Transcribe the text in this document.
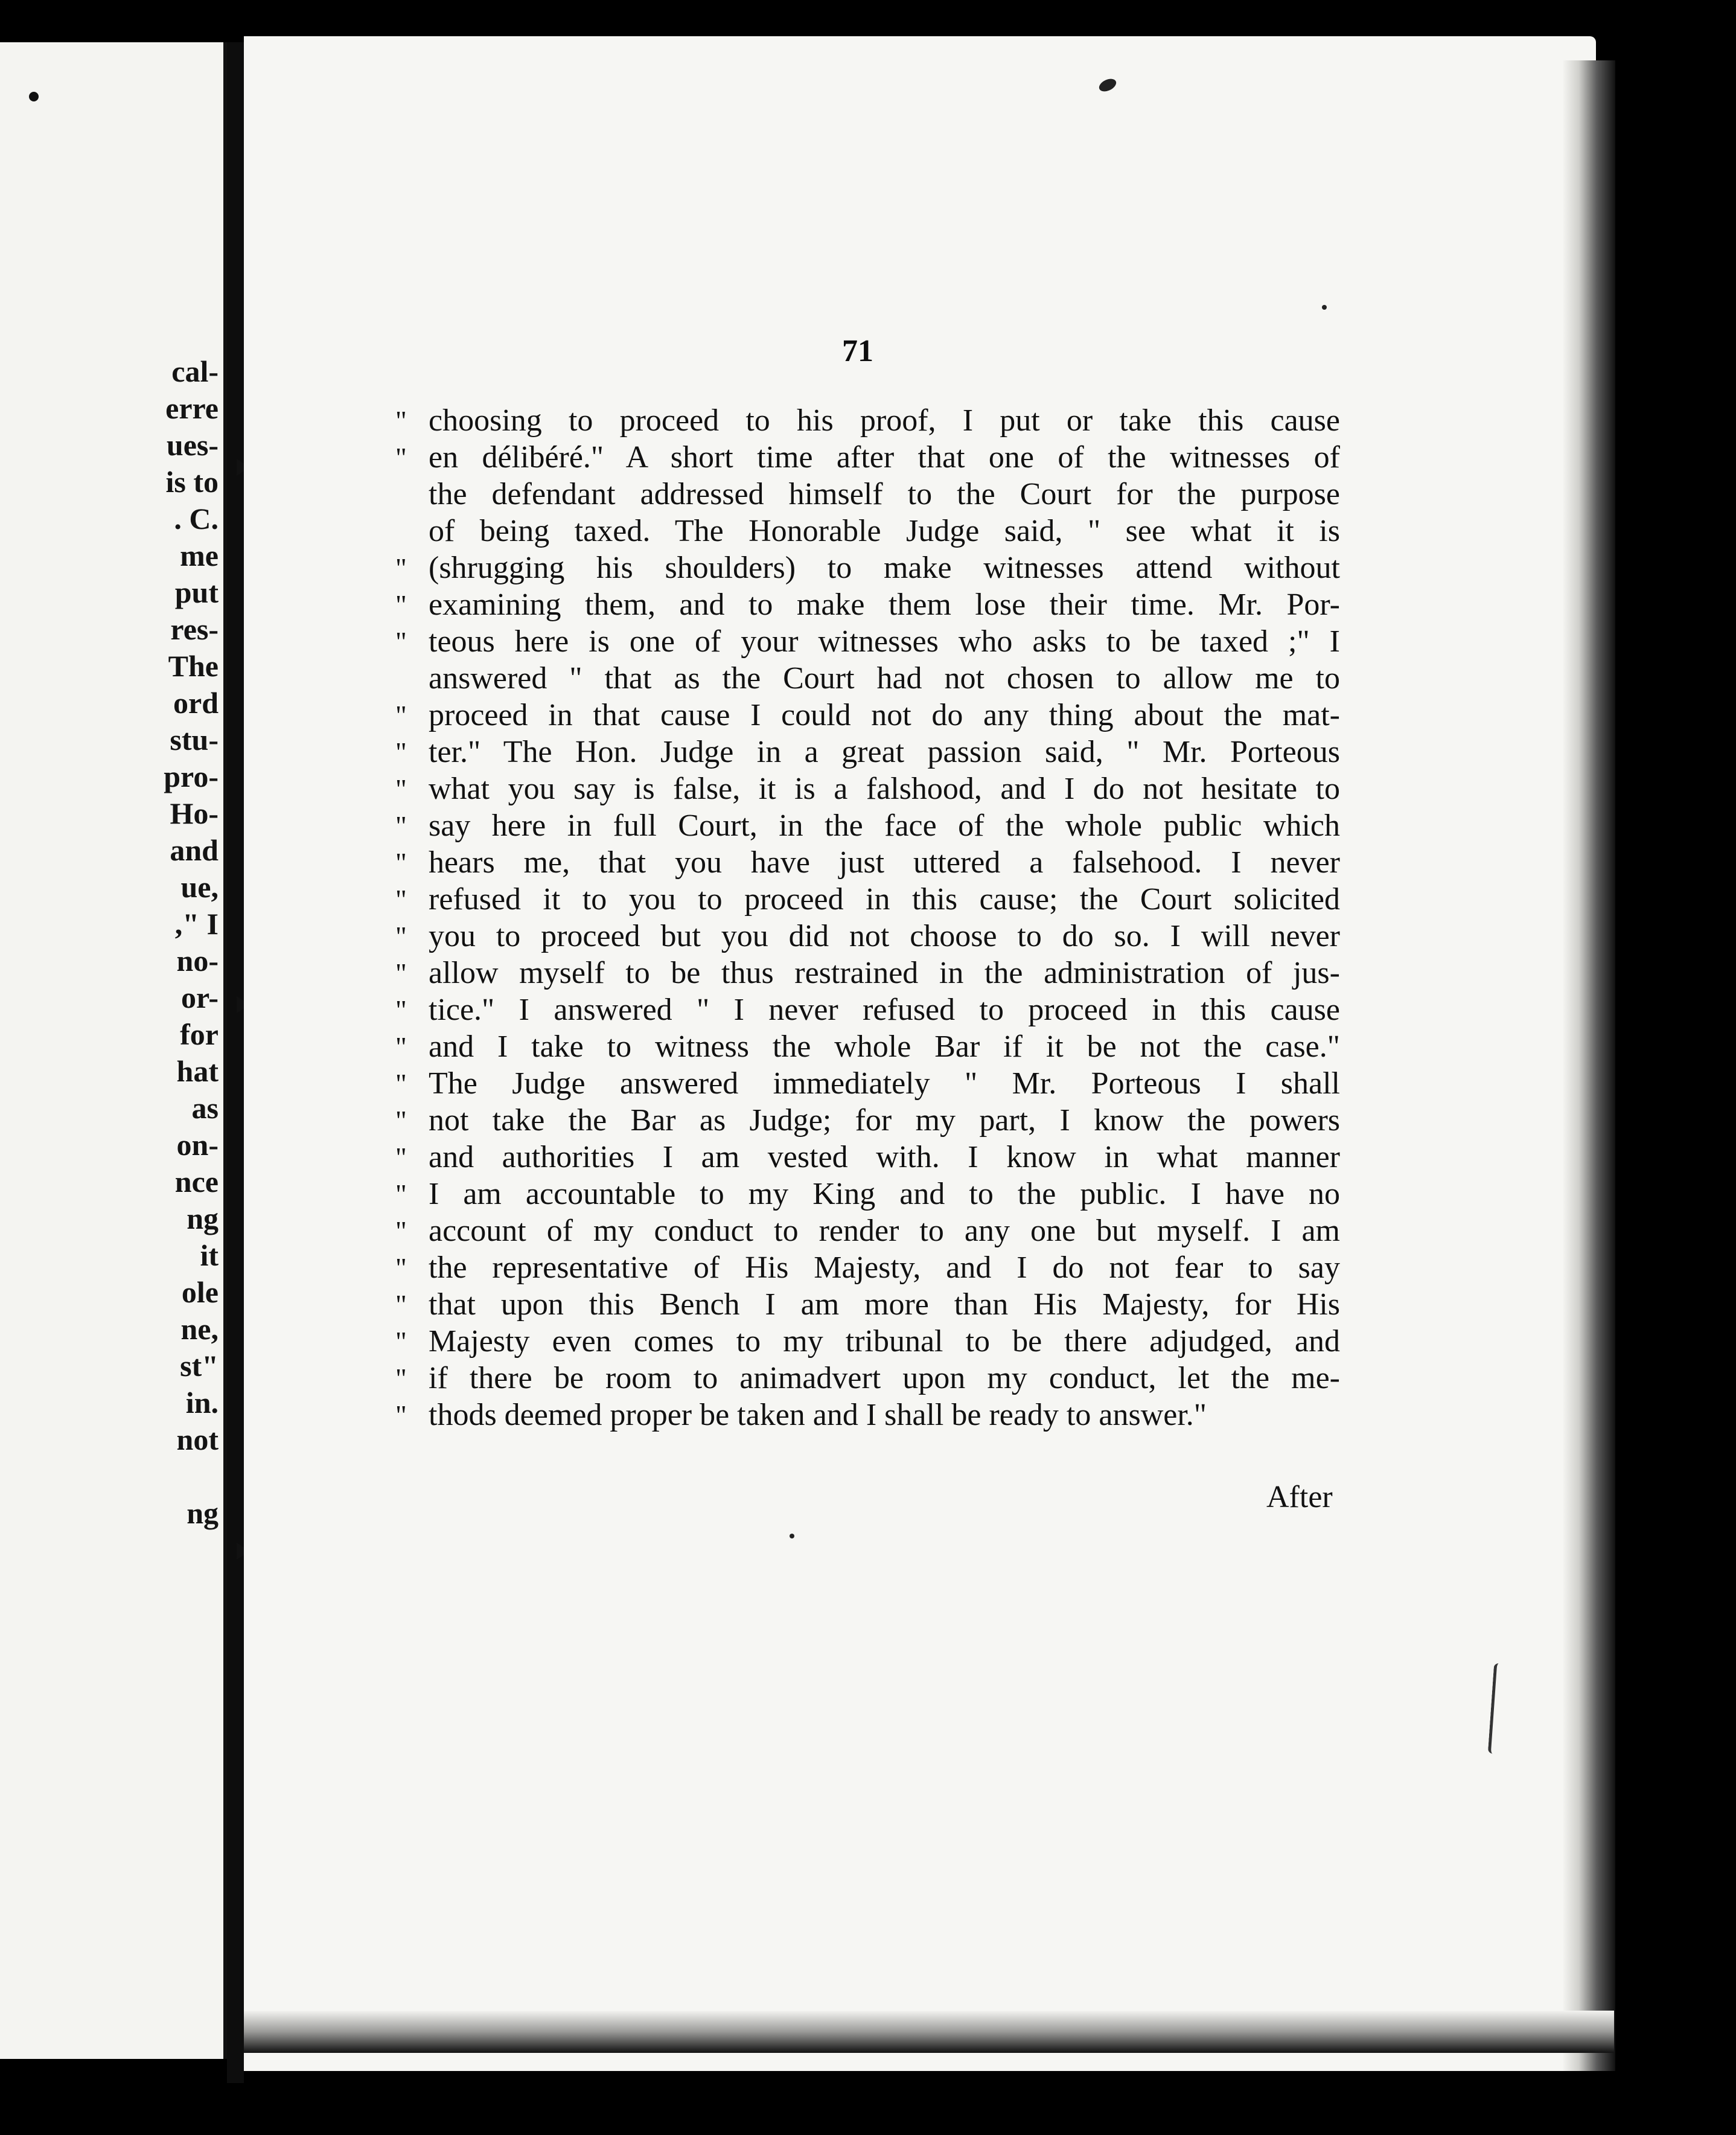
cal-
erre
ues-
is to
. C.
me
put
res-
The
ord
stu-
pro-
Ho-
and
ue,
," I
no-
or-
for
hat
as
on-
nce
ng
it
ole
ne,
st"
in.
not
ng
71
"
"
"
"
"
"
"
"
"
"
"
"
"
"
"
"
"
"
"
"
"
"
"
"
"
choosing to proceed to his proof, I put or take this cause
en délibéré." A short time after that one of the witnesses of
the defendant addressed himself to the Court for the purpose
of being taxed. The Honorable Judge said, " see what it is
(shrugging his shoulders) to make witnesses attend without
examining them, and to make them lose their time. Mr. Por-
teous here is one of your witnesses who asks to be taxed ;" I
answered " that as the Court had not chosen to allow me to
proceed in that cause I could not do any thing about the mat-
ter." The Hon. Judge in a great passion said, " Mr. Porteous
what you say is false, it is a falshood, and I do not hesitate to
say here in full Court, in the face of the whole public which
hears me, that you have just uttered a falsehood. I never
refused it to you to proceed in this cause; the Court solicited
you to proceed but you did not choose to do so. I will never
allow myself to be thus restrained in the administration of jus-
tice." I answered " I never refused to proceed in this cause
and I take to witness the whole Bar if it be not the case."
The Judge answered immediately " Mr. Porteous I shall
not take the Bar as Judge; for my part, I know the powers
and authorities I am vested with. I know in what manner
I am accountable to my King and to the public. I have no
account of my conduct to render to any one but myself. I am
the representative of His Majesty, and I do not fear to say
that upon this Bench I am more than His Majesty, for His
Majesty even comes to my tribunal to be there adjudged, and
if there be room to animadvert upon my conduct, let the me-
thods deemed proper be taken and I shall be ready to answer."
After
